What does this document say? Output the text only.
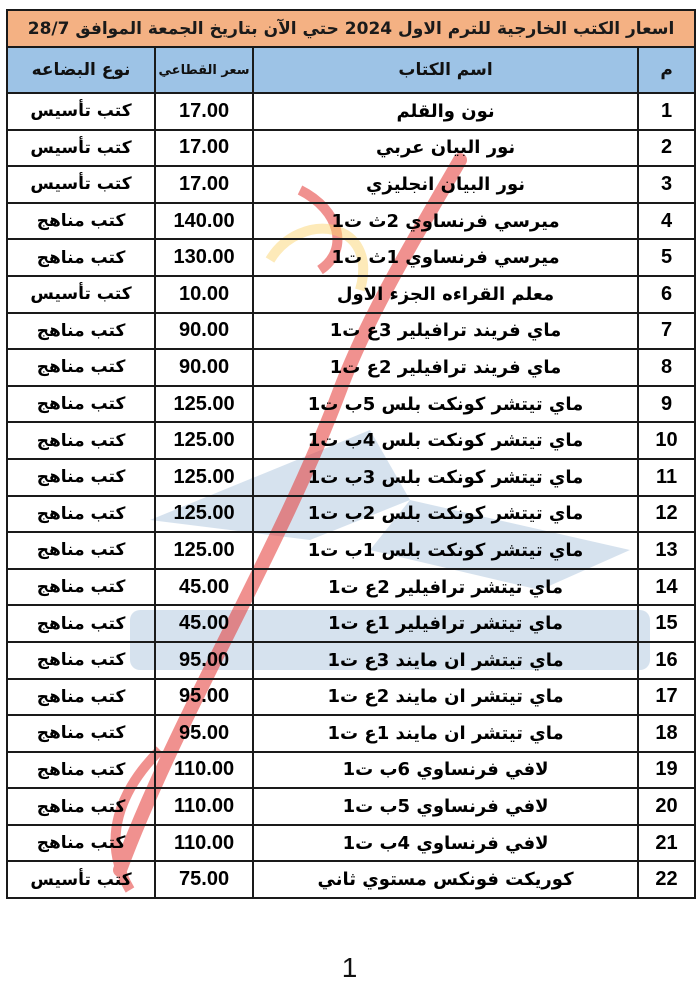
اسعار الكتب الخارجية للترم الاول 2024 حتي الآن بتاريخ الجمعة الموافق 28/7			
م	اسم الكتاب	سعر القطاعي	نوع البضاعه
1	نون والقلم	17.00	كتب تأسيس
2	نور البيان عربي	17.00	كتب تأسيس
3	نور البيان انجليزي	17.00	كتب تأسيس
4	ميرسي فرنساوي 2ث ت1	140.00	كتب مناهج
5	ميرسي فرنساوي 1ث ت1	130.00	كتب مناهج
6	معلم القراءه الجزء الاول	10.00	كتب تأسيس
7	ماي فريند ترافيلير 3ع ت1	90.00	كتب مناهج
8	ماي فريند ترافيلير 2ع ت1	90.00	كتب مناهج
9	ماي تيتشر كونكت بلس 5ب ت1	125.00	كتب مناهج
10	ماي تيتشر كونكت بلس 4ب ت1	125.00	كتب مناهج
11	ماي تيتشر كونكت بلس 3ب ت1	125.00	كتب مناهج
12	ماي تيتشر كونكت بلس 2ب ت1	125.00	كتب مناهج
13	ماي تيتشر كونكت بلس 1ب ت1	125.00	كتب مناهج
14	ماي تيتشر ترافيلير 2ع ت1	45.00	كتب مناهج
15	ماي تيتشر ترافيلير 1ع ت1	45.00	كتب مناهج
16	ماي تيتشر ان مايند 3ع ت1	95.00	كتب مناهج
17	ماي تيتشر ان مايند 2ع ت1	95.00	كتب مناهج
18	ماي تيتشر ان مايند 1ع ت1	95.00	كتب مناهج
19	لافي فرنساوي 6ب ت1	110.00	كتب مناهج
20	لافي فرنساوي 5ب ت1	110.00	كتب مناهج
21	لافي فرنساوي 4ب ت1	110.00	كتب مناهج
22	كوريكت فونكس مستوي ثاني	75.00	كتب تأسيس
1
